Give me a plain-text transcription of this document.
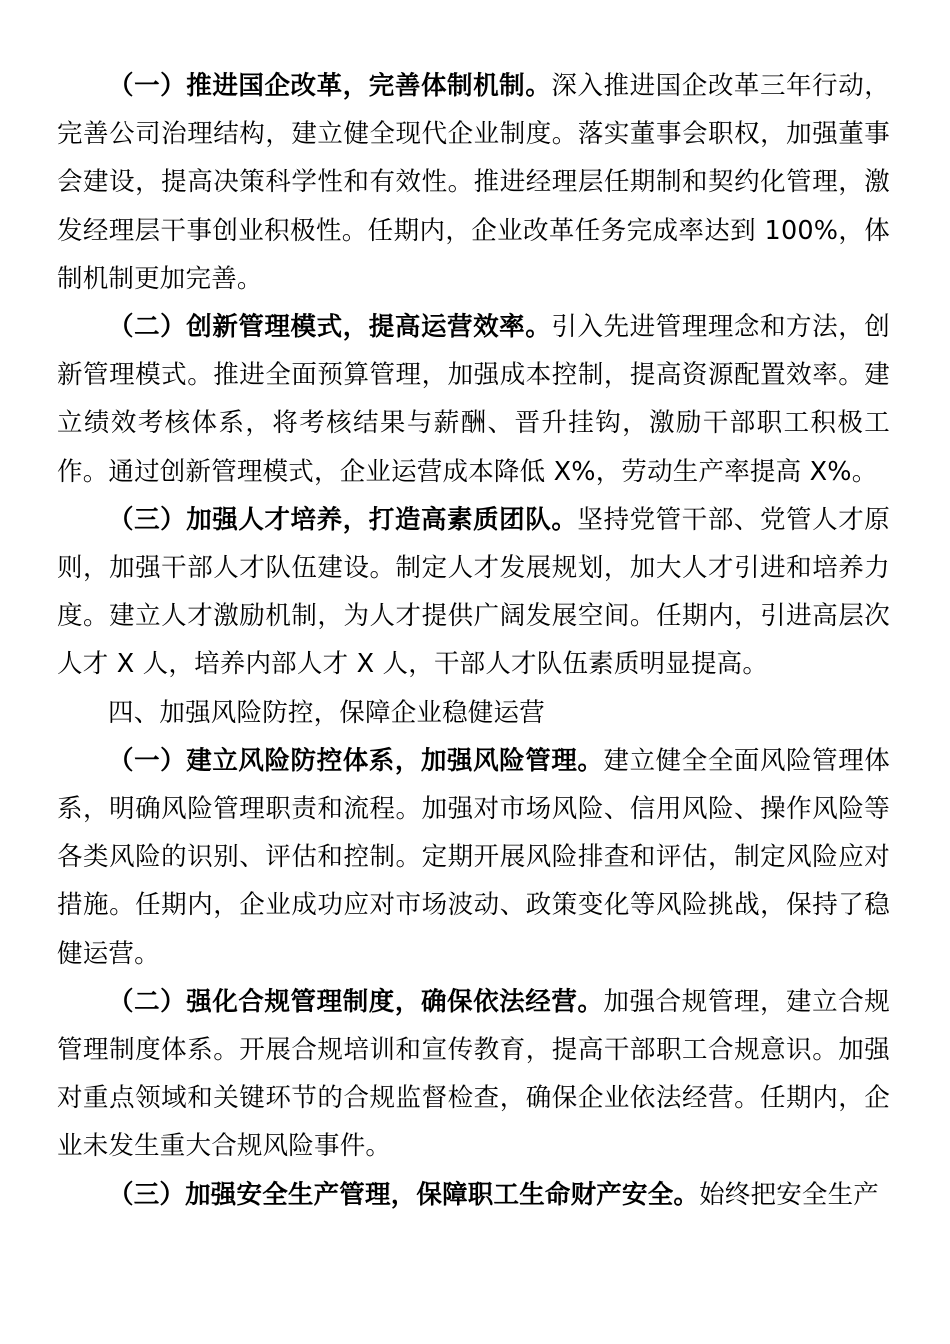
（一）推进国企改革，完善体制机制。深入推进国企改革三年行动，完善公司治理结构，建立健全现代企业制度。落实董事会职权，加强董事会建设，提高决策科学性和有效性。推进经理层任期制和契约化管理，激发经理层干事创业积极性。任期内，企业改革任务完成率达到 100%，体制机制更加完善。

（二）创新管理模式，提高运营效率。引入先进管理理念和方法，创新管理模式。推进全面预算管理，加强成本控制，提高资源配置效率。建立绩效考核体系，将考核结果与薪酬、晋升挂钩，激励干部职工积极工作。通过创新管理模式，企业运营成本降低 X%，劳动生产率提高 X%。

（三）加强人才培养，打造高素质团队。坚持党管干部、党管人才原则，加强干部人才队伍建设。制定人才发展规划，加大人才引进和培养力度。建立人才激励机制，为人才提供广阔发展空间。任期内，引进高层次人才 X 人，培养内部人才 X 人，干部人才队伍素质明显提高。

四、加强风险防控，保障企业稳健运营

（一）建立风险防控体系，加强风险管理。建立健全全面风险管理体系，明确风险管理职责和流程。加强对市场风险、信用风险、操作风险等各类风险的识别、评估和控制。定期开展风险排查和评估，制定风险应对措施。任期内，企业成功应对市场波动、政策变化等风险挑战，保持了稳健运营。

（二）强化合规管理制度，确保依法经营。加强合规管理，建立合规管理制度体系。开展合规培训和宣传教育，提高干部职工合规意识。加强对重点领域和关键环节的合规监督检查，确保企业依法经营。任期内，企业未发生重大合规风险事件。

（三）加强安全生产管理，保障职工生命财产安全。始终把安全生产
